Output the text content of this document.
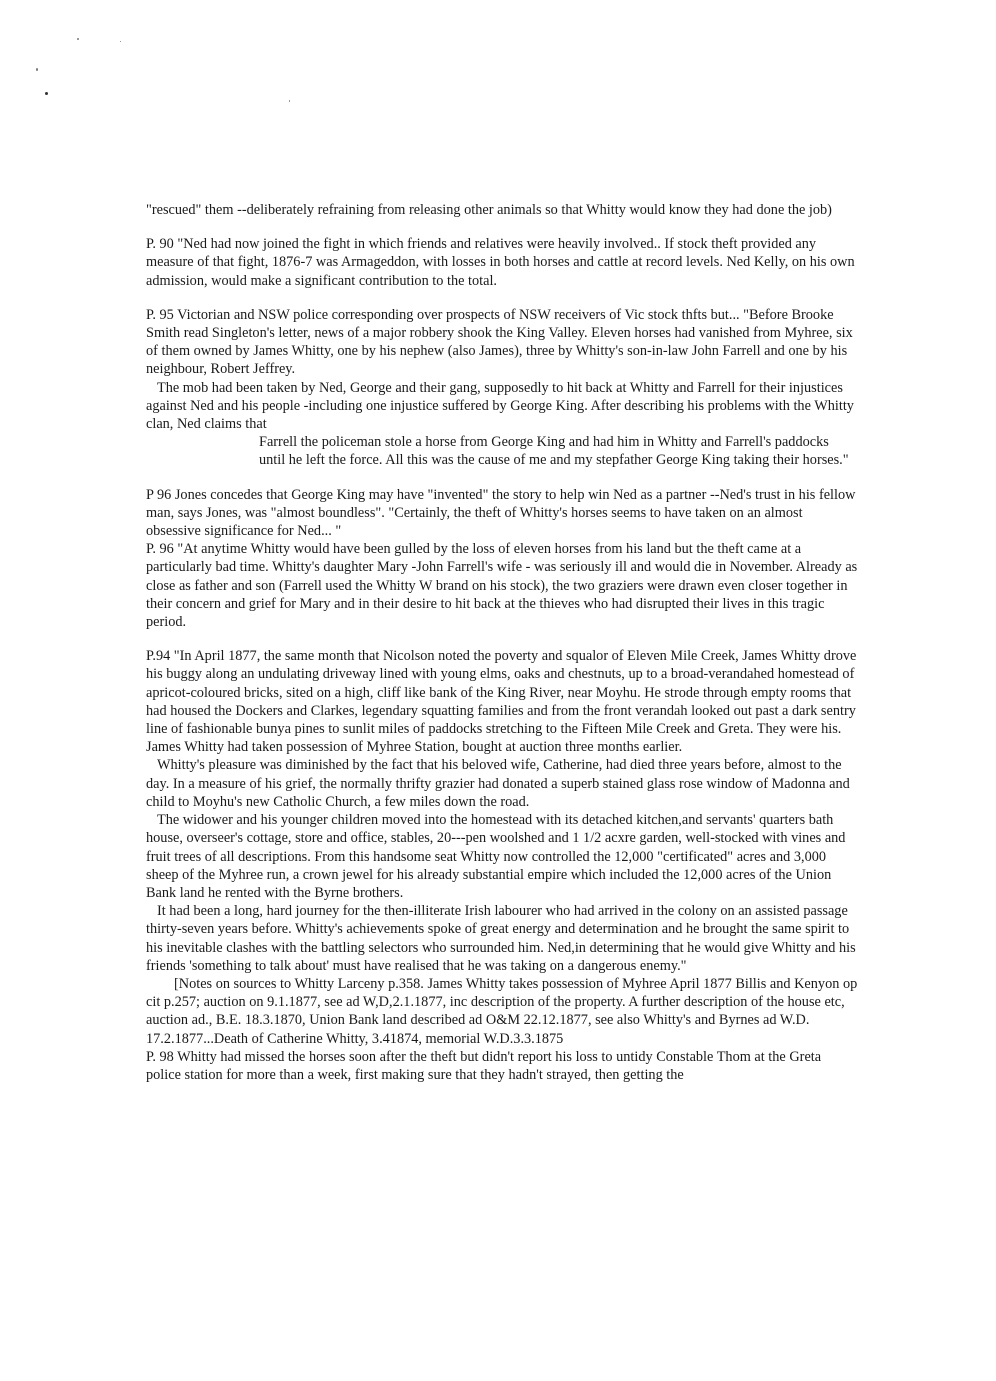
"rescued" them --deliberately refraining from releasing other animals so that Whitty would know they had done the job)

P. 90 "Ned had now joined the fight in which friends and relatives were heavily involved.. If stock theft provided any measure of that fight, 1876-7 was Armageddon, with losses in both horses and cattle at record levels. Ned Kelly, on his own admission, would make a significant contribution to the total.

P. 95 Victorian and NSW police corresponding over prospects of NSW receivers of Vic stock thfts but... "Before Brooke Smith read Singleton's letter, news of a major robbery shook the King Valley. Eleven horses had vanished from Myhree, six of them owned by James Whitty, one by his nephew (also James), three by Whitty's son-in-law John Farrell and one by his neighbour, Robert Jeffrey.

The mob had been taken by Ned, George and their gang, supposedly to hit back at Whitty and Farrell for their injustices against Ned and his people -including one injustice suffered by George King. After describing his problems with the Whitty clan, Ned claims that

Farrell the policeman stole a horse from George King and had him in Whitty and Farrell's paddocks until he left the force. All this was the cause of me and my stepfather George King taking their horses."

P 96 Jones concedes that George King may have "invented" the story to help win Ned as a partner --Ned's trust in his fellow man, says Jones, was "almost boundless". "Certainly, the theft of Whitty's horses seems to have taken on an almost obsessive significance for Ned... "

P. 96 "At anytime Whitty would have been gulled by the loss of eleven horses from his land but the theft came at a particularly bad time. Whitty's daughter Mary -John Farrell's wife - was seriously ill and would die in November. Already as close as father and son (Farrell used the Whitty W brand on his stock), the two graziers were drawn even closer together in their concern and grief for Mary and in their desire to hit back at the thieves who had disrupted their lives in this tragic period.

P.94 "In April 1877, the same month that Nicolson noted the poverty and squalor of Eleven Mile Creek, James Whitty drove his buggy along an undulating driveway lined with young elms, oaks and chestnuts, up to a broad-verandahed homestead of apricot-coloured bricks, sited on a high, cliff like bank of the King River, near Moyhu. He strode through empty rooms that had housed the Dockers and Clarkes, legendary squatting families and from the front verandah looked out past a dark sentry line of fashionable bunya pines to sunlit miles of paddocks stretching to the Fifteen Mile Creek and Greta. They were his. James Whitty had taken possession of Myhree Station, bought at auction three months earlier.

Whitty's pleasure was diminished by the fact that his beloved wife, Catherine, had died three years before, almost to the day. In a measure of his grief, the normally thrifty grazier had donated a superb stained glass rose window of Madonna and child to Moyhu's new Catholic Church, a few miles down the road.

The widower and his younger children moved into the homestead with its detached kitchen,and servants' quarters bath house, overseer's cottage, store and office, stables, 20---pen woolshed and 1 1/2 acxre garden, well-stocked with vines and fruit trees of all descriptions. From this handsome seat Whitty now controlled the 12,000 "certificated" acres and 3,000 sheep of the Myhree run, a crown jewel for his already substantial empire which included the 12,000 acres of the Union Bank land he rented with the Byrne brothers.

It had been a long, hard journey for the then-illiterate Irish labourer who had arrived in the colony on an assisted passage thirty-seven years before. Whitty's achievements spoke of great energy and determination and he brought the same spirit to his inevitable clashes with the battling selectors who surrounded him. Ned,in determining that he would give Whitty and his friends 'something to talk about' must have realised that he was taking on a dangerous enemy."

[Notes on sources to Whitty Larceny p.358. James Whitty takes possession of Myhree April 1877 Billis and Kenyon op cit p.257; auction on 9.1.1877, see ad W,D,2.1.1877, inc description of the property. A further description of the house etc, auction ad., B.E. 18.3.1870, Union Bank land described ad O&M 22.12.1877, see also Whitty's and Byrnes ad W.D. 17.2.1877...Death of Catherine Whitty, 3.41874, memorial W.D.3.3.1875

P. 98 Whitty had missed the horses soon after the theft but didn't report his loss to untidy Constable Thom at the Greta police station for more than a week, first making sure that they hadn't strayed, then getting the
